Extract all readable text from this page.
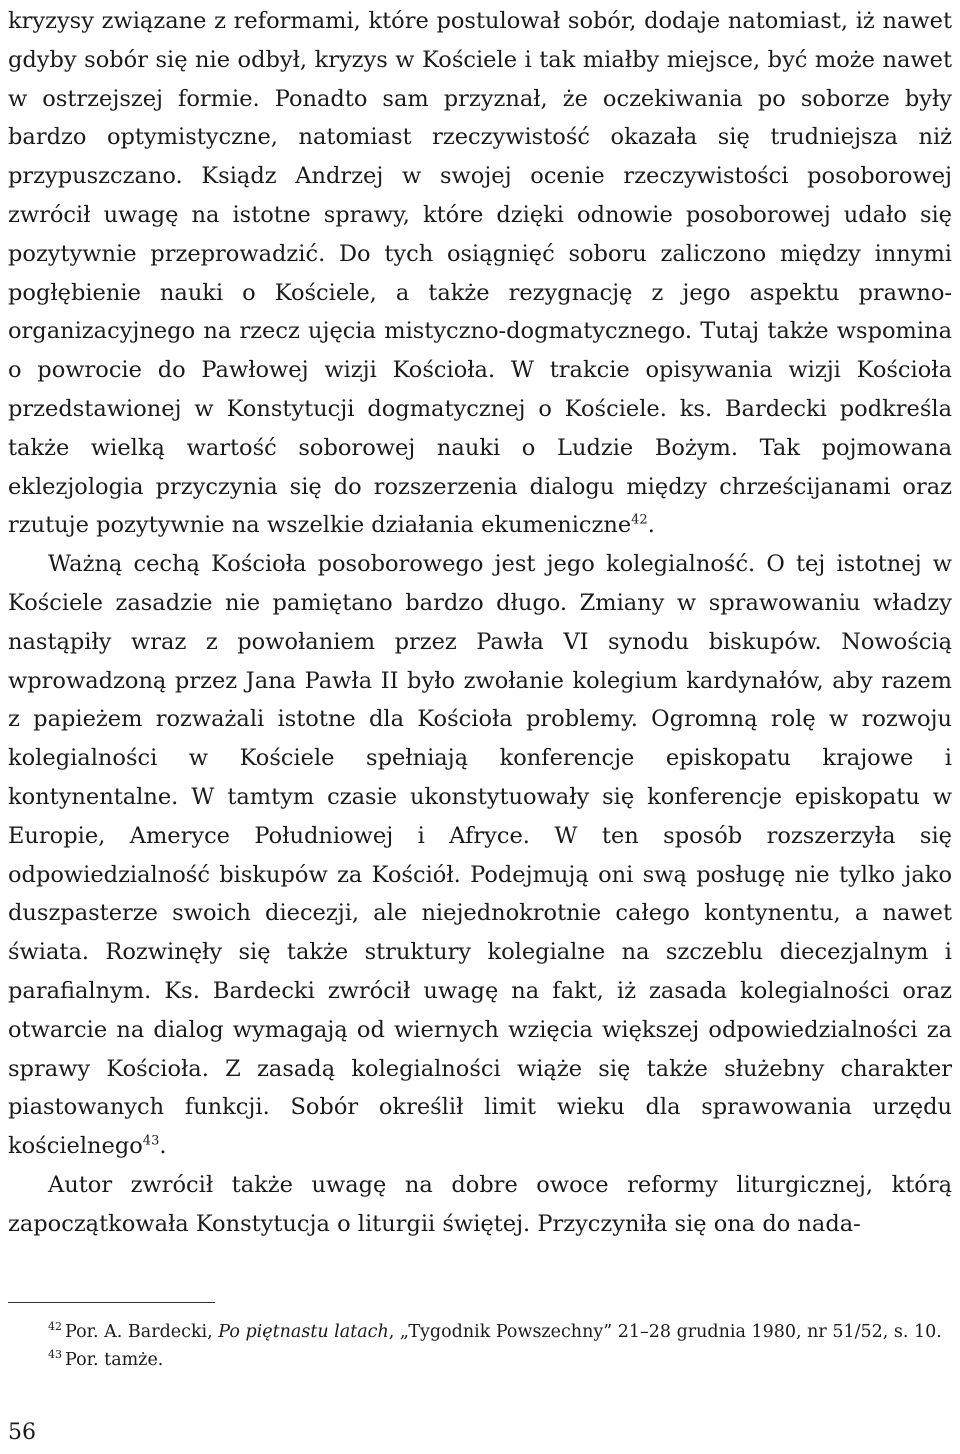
kryzysy związane z reformami, które postulował sobór, dodaje natomiast, iż nawet gdyby sobór się nie odbył, kryzys w Kościele i tak miałby miejsce, być może nawet w ostrzejszej formie. Ponadto sam przyznał, że oczekiwania po soborze były bardzo optymistyczne, natomiast rzeczywistość okazała się trudniejsza niż przypuszczano. Ksiądz Andrzej w swojej ocenie rzeczywistości posoborowej zwrócił uwagę na istotne sprawy, które dzięki odnowie posoborowej udało się pozytywnie przeprowadzić. Do tych osiągnięć soboru zaliczono między innymi pogłębienie nauki o Kościele, a także rezygnację z jego aspektu prawno-organizacyjnego na rzecz ujęcia mistyczno-dogmatycznego. Tutaj także wspomina o powrocie do Pawłowej wizji Kościoła. W trakcie opisywania wizji Kościoła przedstawionej w Konstytucji dogmatycznej o Kościele. ks. Bardecki podkreśla także wielką wartość soborowej nauki o Ludzie Bożym. Tak pojmowana eklezjologia przyczynia się do rozszerzenia dialogu między chrześcijanami oraz rzutuje pozytywnie na wszelkie działania ekumeniczne$^{42}$.

Ważną cechą Kościoła posoborowego jest jego kolegialność. O tej istotnej w Kościele zasadzie nie pamiętano bardzo długo. Zmiany w sprawowaniu władzy nastąpiły wraz z powołaniem przez Pawła VI synodu biskupów. Nowością wprowadzoną przez Jana Pawła II było zwołanie kolegium kardynałów, aby razem z papieżem rozważali istotne dla Kościoła problemy. Ogromną rolę w rozwoju kolegialności w Kościele spełniają konferencje episkopatu krajowe i kontynentalne. W tamtym czasie ukonstytuowały się konferencje episkopatu w Europie, Ameryce Południowej i Afryce. W ten sposób rozszerzyła się odpowiedzialność biskupów za Kościół. Podejmują oni swą posługę nie tylko jako duszpasterze swoich diecezji, ale niejednokrotnie całego kontynentu, a nawet świata. Rozwinęły się także struktury kolegialne na szczeblu diecezjalnym i parafialnym. Ks. Bardecki zwrócił uwagę na fakt, iż zasada kolegialności oraz otwarcie na dialog wymagają od wiernych wzięcia większej odpowiedzialności za sprawy Kościoła. Z zasadą kolegialności wiąże się także służebny charakter piastowanych funkcji. Sobór określił limit wieku dla sprawowania urzędu kościelnego$^{43}$.

Autor zwrócił także uwagę na dobre owoce reformy liturgicznej, którą zapoczątkowała Konstytucja o liturgii świętej. Przyczyniła się ona do nada-

$^{42}$ Por. A. Bardecki, Po piętnastu latach, „Tygodnik Powszechny” 21–28 grudnia 1980, nr 51/52, s. 10.

$^{43}$ Por. tamże.

56
